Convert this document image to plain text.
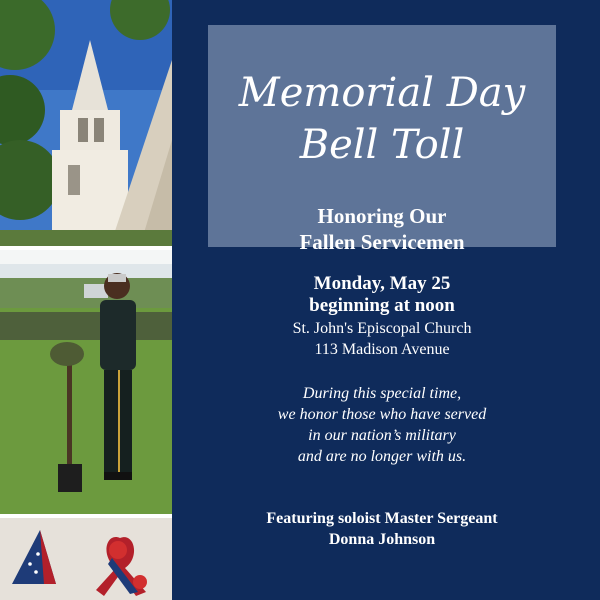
Memorial Day
Bell Toll
Honoring Our
Fallen Servicemen
Monday, May 25
beginning at noon
St. John's Episcopal Church
113 Madison Avenue
During this special time,
we honor those who have served
in our nation’s military
and are no longer with us.
Featuring soloist Master Sergeant
Donna Johnson
